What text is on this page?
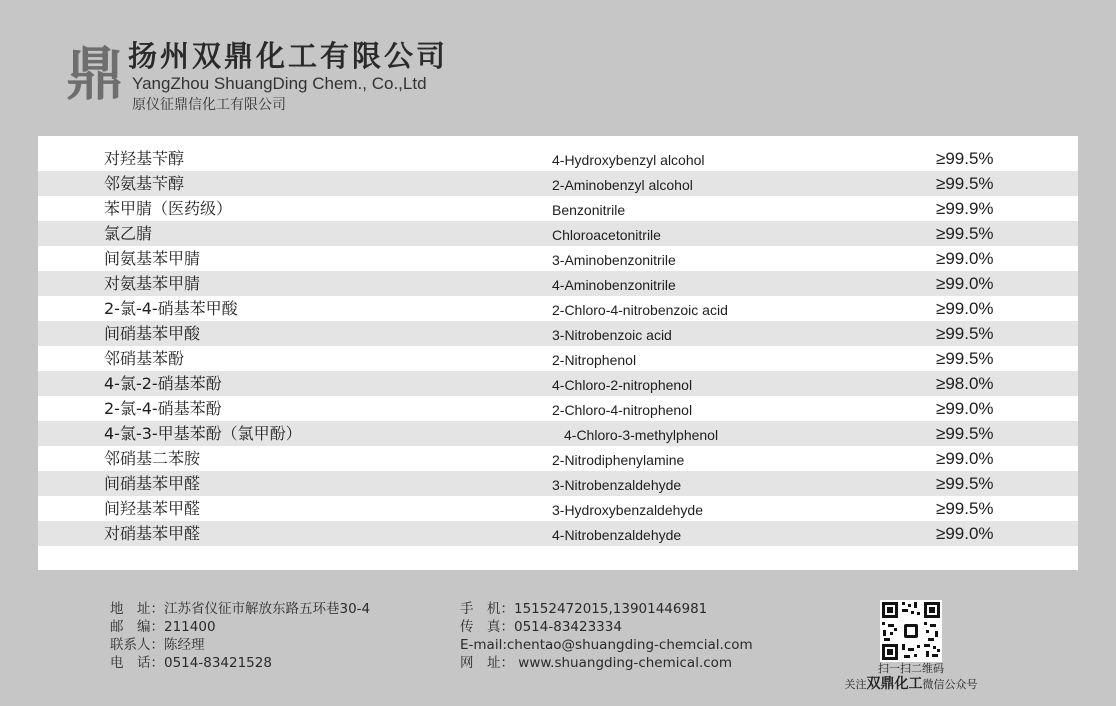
鼎 扬州双鼎化工有限公司
YangZhou ShuangDing Chem., Co.,Ltd
原仪征鼎信化工有限公司
对羟基苄醇	4-Hydroxybenzyl alcohol	≥99.5%
邻氨基苄醇	2-Aminobenzyl alcohol	≥99.5%
苯甲腈（医药级）	Benzonitrile	≥99.9%
氯乙腈	Chloroacetonitrile	≥99.5%
间氨基苯甲腈	3-Aminobenzonitrile	≥99.0%
对氨基苯甲腈	4-Aminobenzonitrile	≥99.0%
2-氯-4-硝基苯甲酸	2-Chloro-4-nitrobenzoic acid	≥99.0%
间硝基苯甲酸	3-Nitrobenzoic acid	≥99.5%
邻硝基苯酚	2-Nitrophenol	≥99.5%
4-氯-2-硝基苯酚	4-Chloro-2-nitrophenol	≥98.0%
2-氯-4-硝基苯酚	2-Chloro-4-nitrophenol	≥99.0%
4-氯-3-甲基苯酚（氯甲酚）	4-Chloro-3-methylphenol	≥99.5%
邻硝基二苯胺	2-Nitrodiphenylamine	≥99.0%
间硝基苯甲醛	3-Nitrobenzaldehyde	≥99.5%
间羟基苯甲醛	3-Hydroxybenzaldehyde	≥99.5%
对硝基苯甲醛	4-Nitrobenzaldehyde	≥99.0%
地　址：江苏省仪征市解放东路五环巷30-4
邮　编：211400
联系人：陈经理
电　话：0514-83421528
手　机：15152472015,13901446981
传　真：0514-83423334
E-mail:chentao@shuangding-chemcial.com
网　址： www.shuangding-chemical.com	扫一扫二维码
关注双鼎化工微信公众号
